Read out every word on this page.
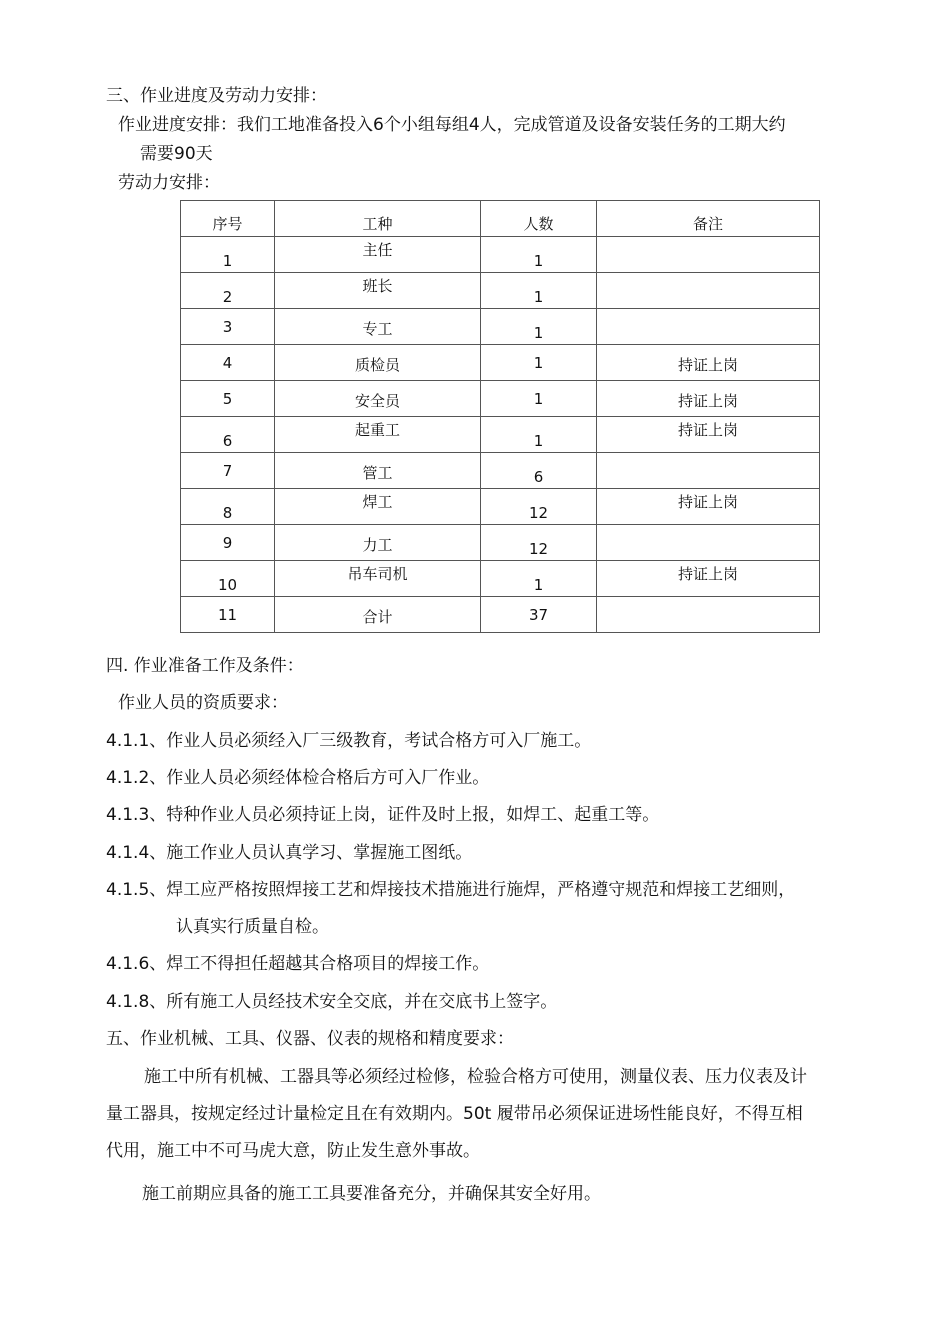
三、作业进度及劳动力安排：
作业进度安排：我们工地准备投入6个小组每组4人，完成管道及设备安装任务的工期大约
需要90天
劳动力安排：
序号	工种	人数	备注

1	主任	1	

2	班长	1	

3	专工	1	

4	质检员	1	持证上岗

5	安全员	1	持证上岗

6	起重工	1	持证上岗

7	管工	6	

8	焊工	12	持证上岗

9	力工	12	

10	吊车司机	1	持证上岗

11	合计	37	

四. 作业准备工作及条件：
作业人员的资质要求：
4.1.1、作业人员必须经入厂三级教育，考试合格方可入厂施工。
4.1.2、作业人员必须经体检合格后方可入厂作业。
4.1.3、特种作业人员必须持证上岗，证件及时上报，如焊工、起重工等。
4.1.4、施工作业人员认真学习、掌握施工图纸。
4.1.5、焊工应严格按照焊接工艺和焊接技术措施进行施焊，严格遵守规范和焊接工艺细则，
认真实行质量自检。
4.1.6、焊工不得担任超越其合格项目的焊接工作。
4.1.8、所有施工人员经技术安全交底，并在交底书上签字。
五、作业机械、工具、仪器、仪表的规格和精度要求：
施工中所有机械、工器具等必须经过检修，检验合格方可使用，测量仪表、压力仪表及计
量工器具，按规定经过计量检定且在有效期内。50t 履带吊必须保证进场性能良好，不得互相
代用，施工中不可马虎大意，防止发生意外事故。
施工前期应具备的施工工具要准备充分，并确保其安全好用。
